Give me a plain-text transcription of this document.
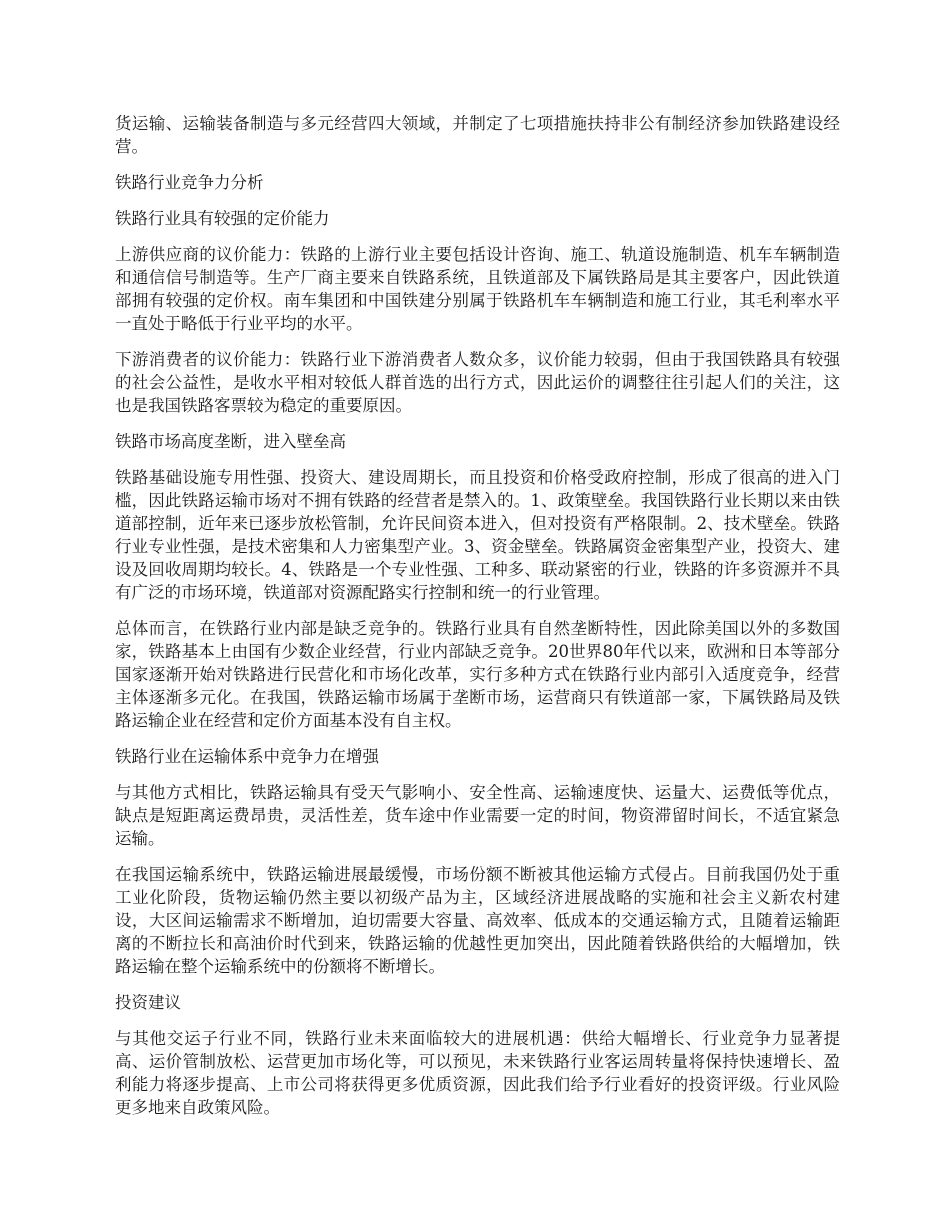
货运输、运输装备制造与多元经营四大领域，并制定了七项措施扶持非公有制经济参加铁路建设经营。

铁路行业竞争力分析

铁路行业具有较强的定价能力

上游供应商的议价能力：铁路的上游行业主要包括设计咨询、施工、轨道设施制造、机车车辆制造和通信信号制造等。生产厂商主要来自铁路系统，且铁道部及下属铁路局是其主要客户，因此铁道部拥有较强的定价权。南车集团和中国铁建分别属于铁路机车车辆制造和施工行业，其毛利率水平一直处于略低于行业平均的水平。

下游消费者的议价能力：铁路行业下游消费者人数众多，议价能力较弱，但由于我国铁路具有较强的社会公益性，是收水平相对较低人群首选的出行方式，因此运价的调整往往引起人们的关注，这也是我国铁路客票较为稳定的重要原因。

铁路市场高度垄断，进入壁垒高

铁路基础设施专用性强、投资大、建设周期长，而且投资和价格受政府控制，形成了很高的进入门槛，因此铁路运输市场对不拥有铁路的经营者是禁入的。1、政策壁垒。我国铁路行业长期以来由铁道部控制，近年来已逐步放松管制，允许民间资本进入，但对投资有严格限制。2、技术壁垒。铁路行业专业性强，是技术密集和人力密集型产业。3、资金壁垒。铁路属资金密集型产业，投资大、建设及回收周期均较长。4、铁路是一个专业性强、工种多、联动紧密的行业，铁路的许多资源并不具有广泛的市场环境，铁道部对资源配路实行控制和统一的行业管理。

总体而言，在铁路行业内部是缺乏竞争的。铁路行业具有自然垄断特性，因此除美国以外的多数国家，铁路基本上由国有少数企业经营，行业内部缺乏竞争。20世界80年代以来，欧洲和日本等部分国家逐渐开始对铁路进行民营化和市场化改革，实行多种方式在铁路行业内部引入适度竞争，经营主体逐渐多元化。在我国，铁路运输市场属于垄断市场，运营商只有铁道部一家，下属铁路局及铁路运输企业在经营和定价方面基本没有自主权。

铁路行业在运输体系中竞争力在增强

与其他方式相比，铁路运输具有受天气影响小、安全性高、运输速度快、运量大、运费低等优点，缺点是短距离运费昂贵，灵活性差，货车途中作业需要一定的时间，物资滞留时间长，不适宜紧急运输。

在我国运输系统中，铁路运输进展最缓慢，市场份额不断被其他运输方式侵占。目前我国仍处于重工业化阶段，货物运输仍然主要以初级产品为主，区域经济进展战略的实施和社会主义新农村建设，大区间运输需求不断增加，迫切需要大容量、高效率、低成本的交通运输方式，且随着运输距离的不断拉长和高油价时代到来，铁路运输的优越性更加突出，因此随着铁路供给的大幅增加，铁路运输在整个运输系统中的份额将不断增长。

投资建议

与其他交运子行业不同，铁路行业未来面临较大的进展机遇：供给大幅增长、行业竞争力显著提高、运价管制放松、运营更加市场化等，可以预见，未来铁路行业客运周转量将保持快速增长、盈利能力将逐步提高、上市公司将获得更多优质资源，因此我们给予行业看好的投资评级。行业风险更多地来自政策风险。
